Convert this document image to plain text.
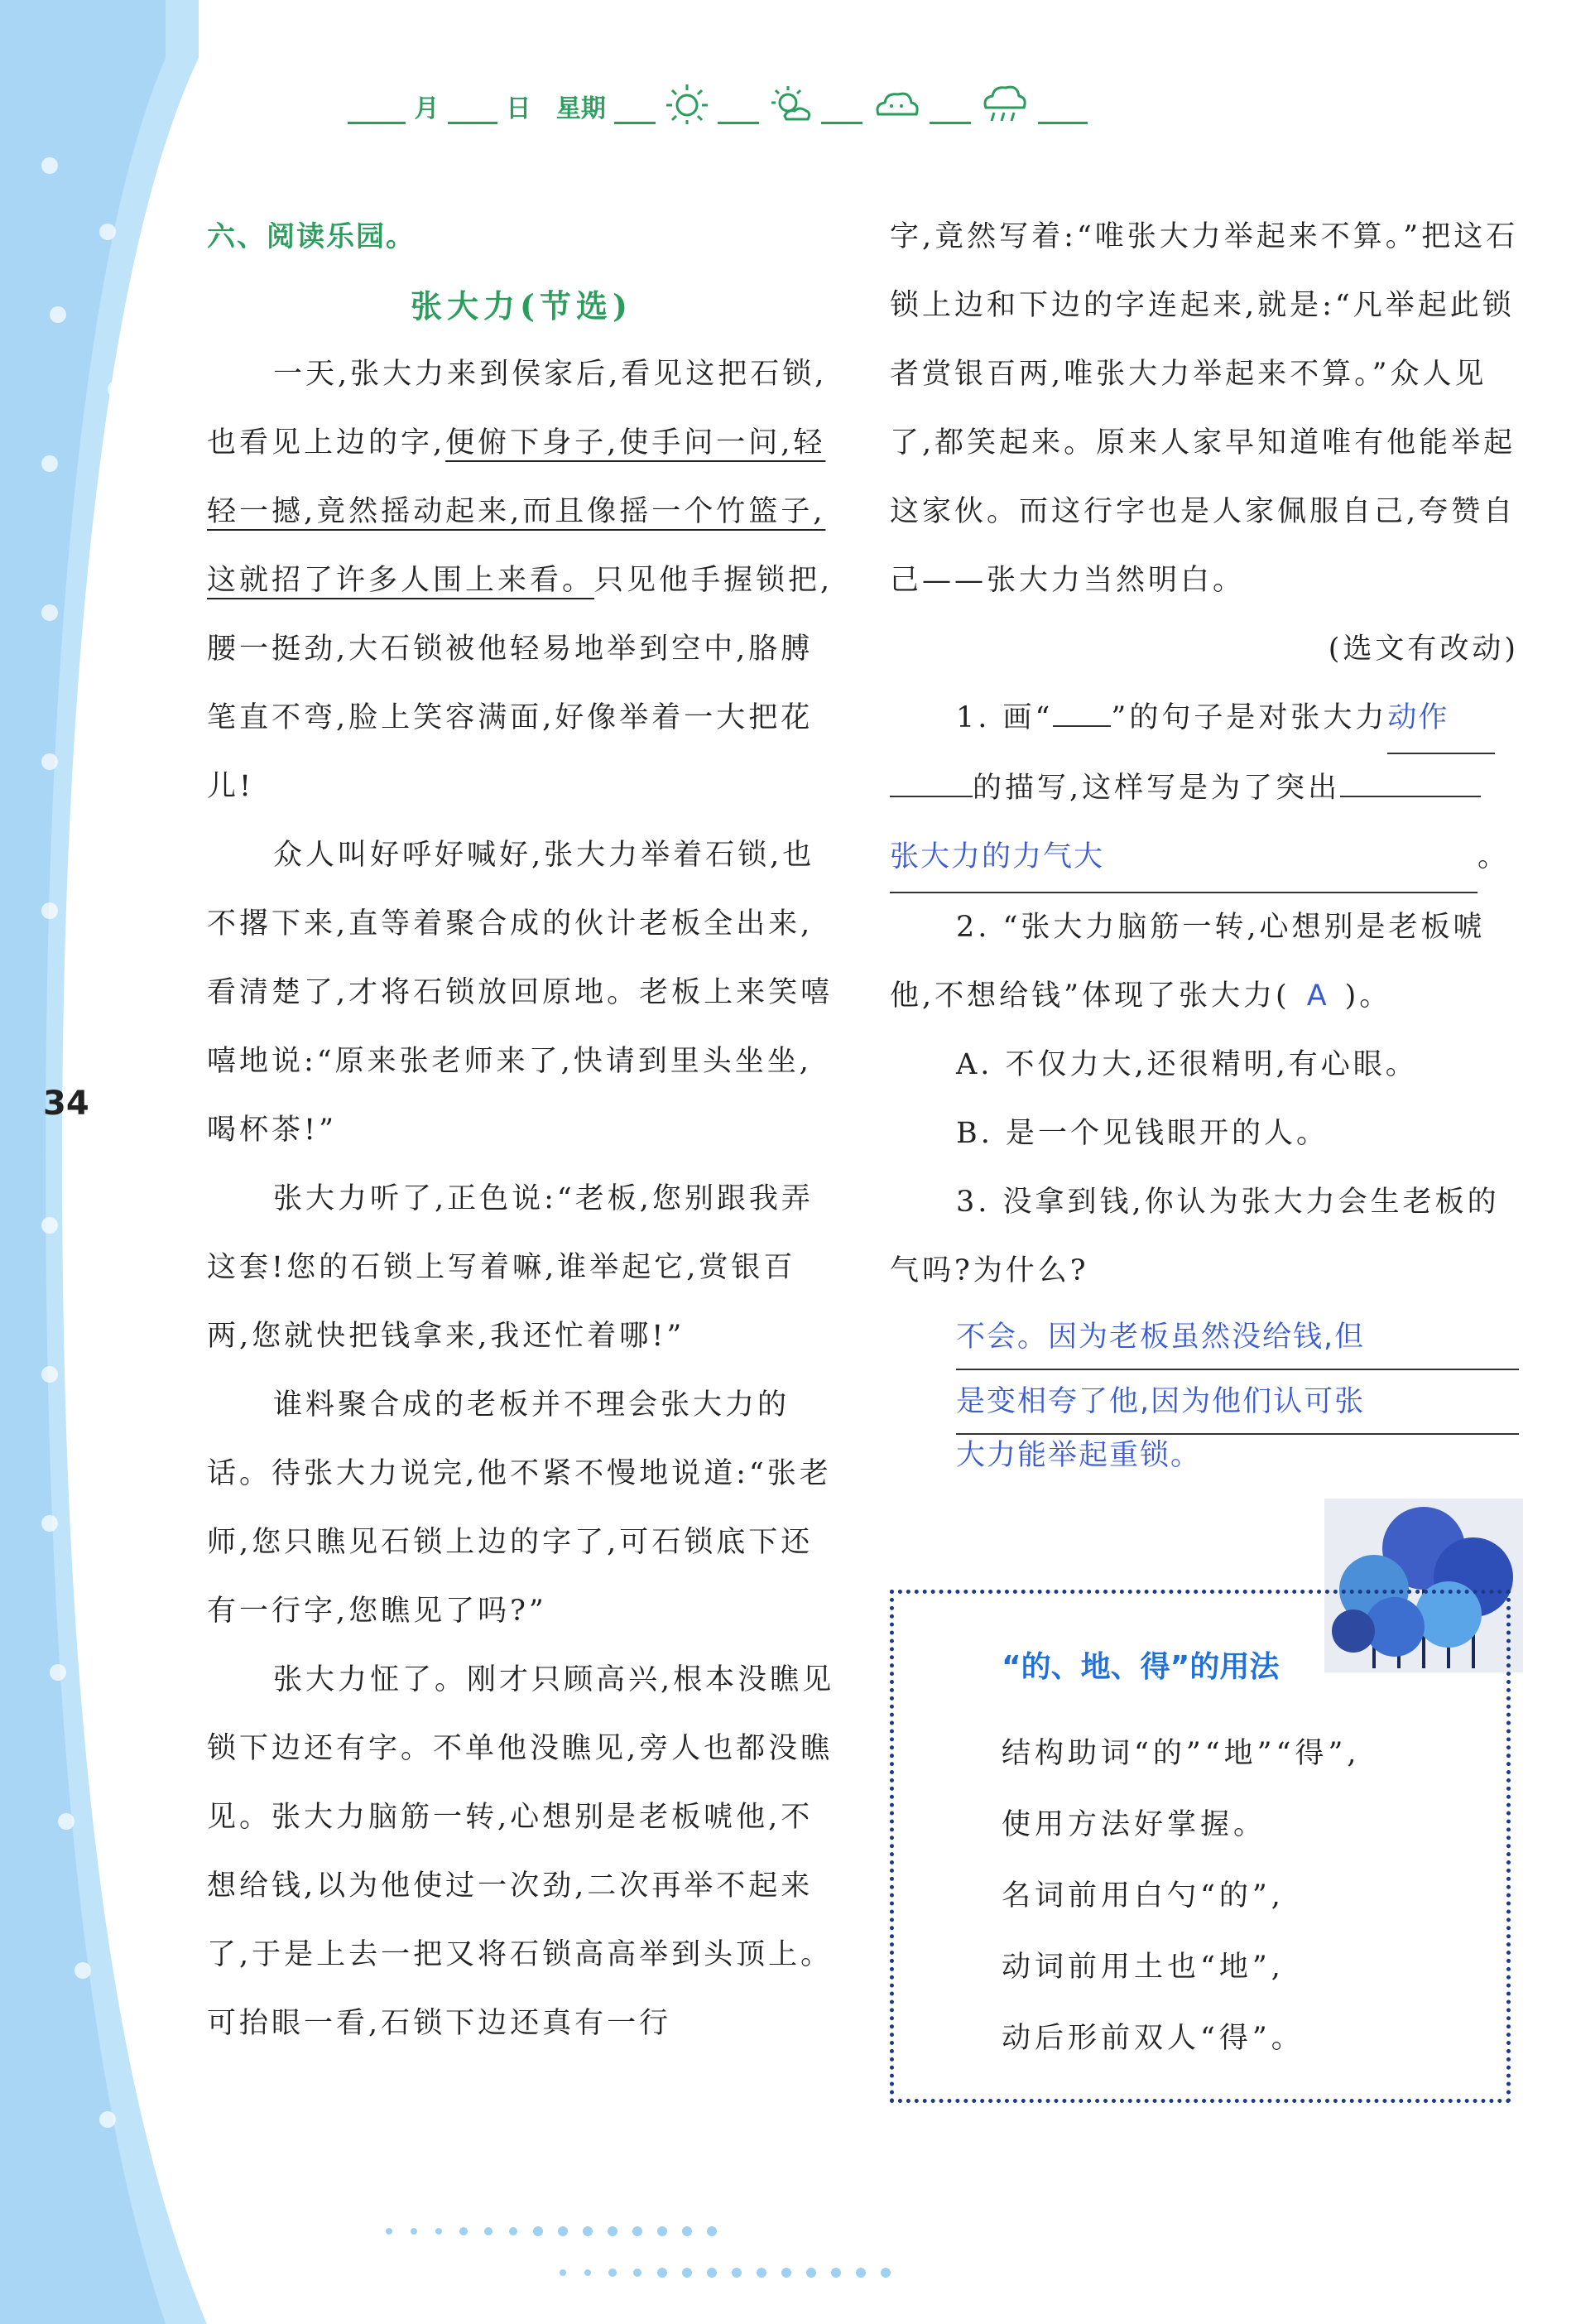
34
月	日 星期
六、阅读乐园。
张大力(节选)

一天,张大力来到侯家后,看见这把石锁,也看见上边的字,便俯下身子,使手问一问,轻轻一撼,竟然摇动起来,而且像摇一个竹篮子,这就招了许多人围上来看。只见他手握锁把,腰一挺劲,大石锁被他轻易地举到空中,胳膊笔直不弯,脸上笑容满面,好像举着一大把花儿!

众人叫好呼好喊好,张大力举着石锁,也不撂下来,直等着聚合成的伙计老板全出来,看清楚了,才将石锁放回原地。老板上来笑嘻嘻地说:“原来张老师来了,快请到里头坐坐,喝杯茶!”

张大力听了,正色说:“老板,您别跟我弄这套!您的石锁上写着嘛,谁举起它,赏银百两,您就快把钱拿来,我还忙着哪!”

谁料聚合成的老板并不理会张大力的话。待张大力说完,他不紧不慢地说道:“张老师,您只瞧见石锁上边的字了,可石锁底下还有一行字,您瞧见了吗?”

张大力怔了。刚才只顾高兴,根本没瞧见锁下边还有字。不单他没瞧见,旁人也都没瞧见。张大力脑筋一转,心想别是老板唬他,不想给钱,以为他使过一次劲,二次再举不起来了,于是上去一把又将石锁高高举到头顶上。可抬眼一看,石锁下边还真有一行

字,竟然写着:“唯张大力举起来不算。”把这石锁上边和下边的字连起来,就是:“凡举起此锁者赏银百两,唯张大力举起来不算。”众人见了,都笑起来。原来人家早知道唯有他能举起这家伙。而这行字也是人家佩服自己,夸赞自己——张大力当然明白。

(选文有改动)

1. 画“ ”的句子是对张大力动作
的描写,这样写是为了突出
张大力的力气大	。

2. “张大力脑筋一转,心想别是老板唬他,不想给钱”体现了张大力( A )。

A. 不仅力大,还很精明,有心眼。

B. 是一个见钱眼开的人。

3. 没拿到钱,你认为张大力会生老板的气吗?为什么?

不会。因为老板虽然没给钱,但
是变相夸了他,因为他们认可张
大力能举起重锁。
“的、地、得”的用法
结构助词“的”“地”“得”,
使用方法好掌握。
名词前用白勺“的”,
动词前用土也“地”,
动后形前双人“得”。
